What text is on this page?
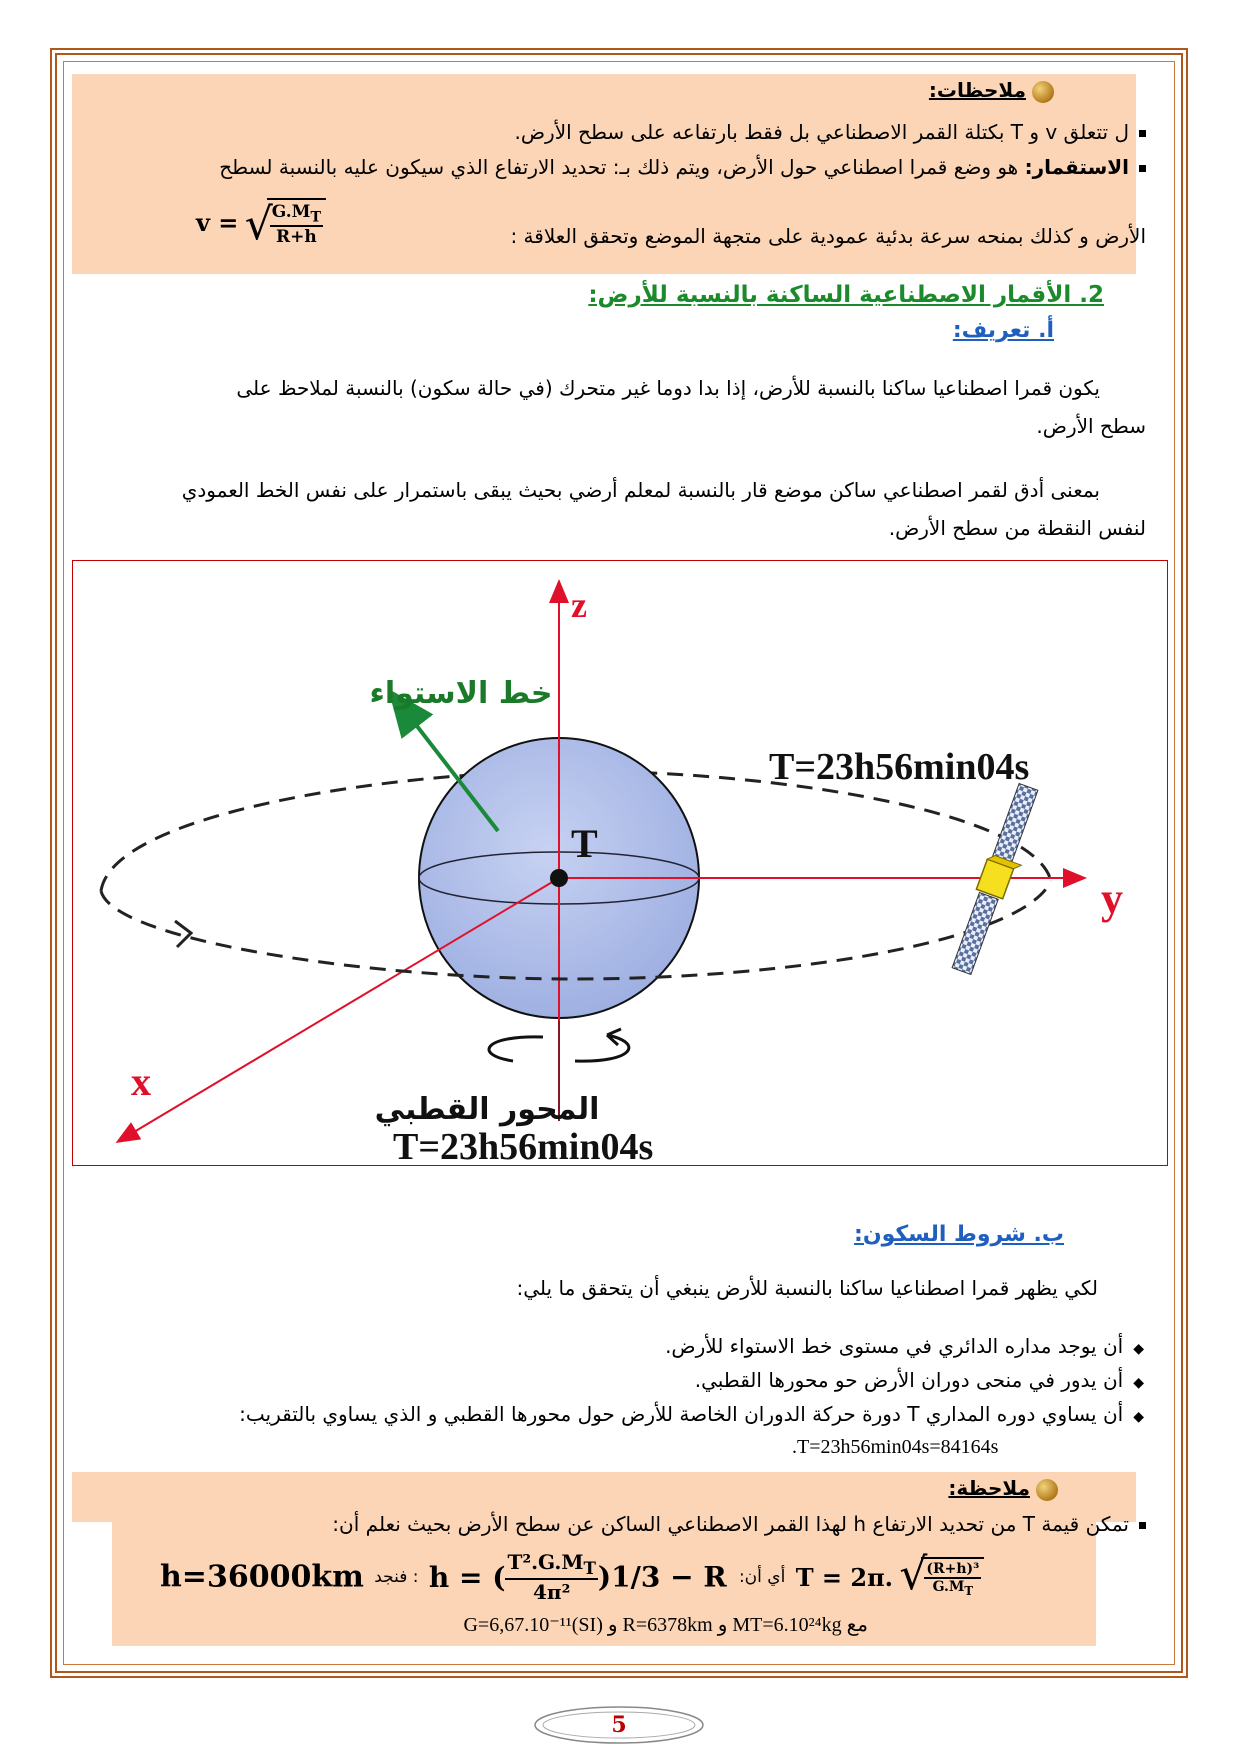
ملاحظات:
ل تتعلق v و T بكتلة القمر الاصطناعي بل فقط بارتفاعه على سطح الأرض.
الاستقمار: هو وضع قمرا اصطناعي حول الأرض، ويتم ذلك بـ: تحديد الارتفاع الذي سيكون عليه بالنسبة لسطح
الأرض و كذلك بمنحه سرعة بدئية عمودية على متجهة الموضع وتحقق العلاقة :
v = √
$\frac{G.M_T}{R+h}$
2. الأقمار الاصطناعية الساكنة بالنسبة للأرض:
أ. تعريف:
يكون قمرا اصطناعيا ساكنا بالنسبة للأرض، إذا بدا دوما غير متحرك (في حالة سكون) بالنسبة لملاحظ على
سطح الأرض.
بمعنى أدق لقمر اصطناعي ساكن موضع قار بالنسبة لمعلم أرضي بحيث يبقى باستمرار على نفس الخط العمودي
لنفس النقطة من سطح الأرض.
z
y
x
T
خط الاستواء
T=23h56min04s
المحور القطبي
T=23h56min04s
ب. شروط السكون:
لكي يظهر قمرا اصطناعيا ساكنا بالنسبة للأرض ينبغي أن يتحقق ما يلي:
◆أن يوجد مداره الدائري في مستوى خط الاستواء للأرض.
◆أن يدور في منحى دوران الأرض حو محورها القطبي.
◆أن يساوي دوره المداري T دورة حركة الدوران الخاصة للأرض حول محورها القطبي و الذي يساوي بالتقريب:
.T=23h56min04s=84164s
ملاحظة:
تمكن قيمة T من تحديد الارتفاع h لهذا القمر الاصطناعي الساكن عن سطح الأرض بحيث نعلم أن:
h=36000km : فنجد h = ( $\frac{T^2.G.M_T}{\text{4π²}} )1/3 - R$ أي أن: T = 2π. √
$\frac{\text{(R+h)³}}{G.M_T}$
مع MT=6.10²⁴kg و R=6378km و G=6,67.10⁻¹¹(SI)
5
